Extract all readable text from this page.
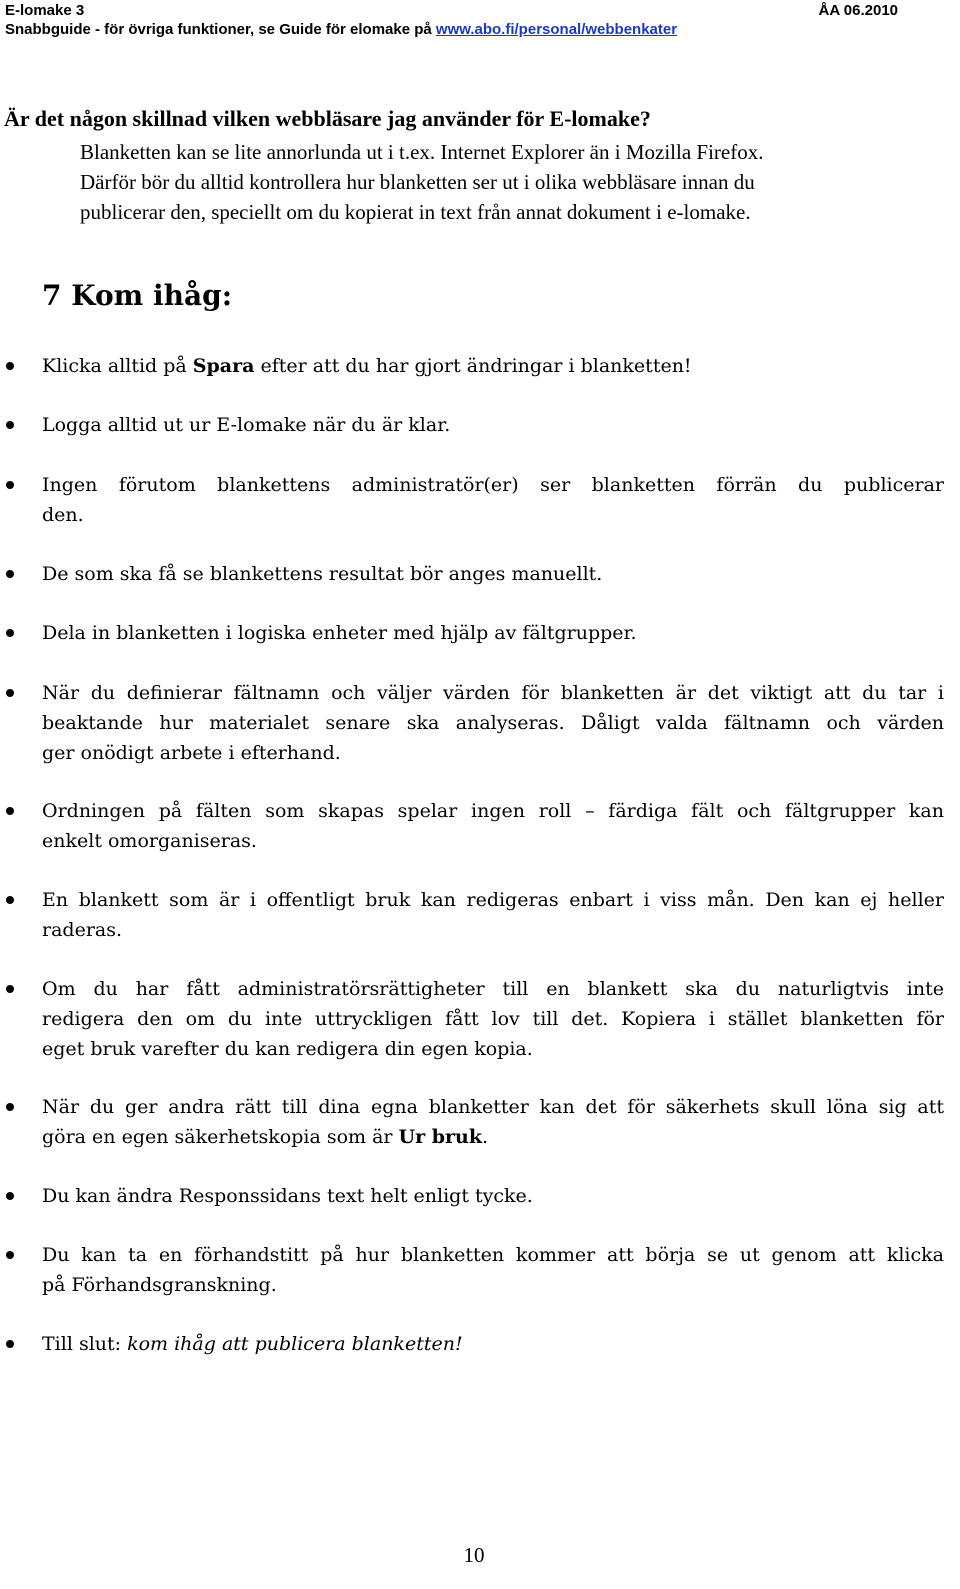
E-lomake 3	ÅA 06.2010
Snabbguide - för övriga funktioner, se Guide för elomake på www.abo.fi/personal/webbenkater
Är det någon skillnad vilken webbläsare jag använder för E-lomake?
Blanketten kan se lite annorlunda ut i t.ex. Internet Explorer än i Mozilla Firefox.
Därför bör du alltid kontrollera hur blanketten ser ut i olika webbläsare innan du
publicerar den, speciellt om du kopierat in text från annat dokument i e-lomake.
7 Kom ihåg:
Klicka alltid på Spara efter att du har gjort ändringar i blanketten!
Logga alltid ut ur E-lomake när du är klar.
Ingen förutom blankettens administratör(er) ser blanketten förrän du publicerar
den.
De som ska få se blankettens resultat bör anges manuellt.
Dela in blanketten i logiska enheter med hjälp av fältgrupper.
När du definierar fältnamn och väljer värden för blanketten är det viktigt att du tar i
beaktande hur materialet senare ska analyseras. Dåligt valda fältnamn och värden
ger onödigt arbete i efterhand.
Ordningen på fälten som skapas spelar ingen roll – färdiga fält och fältgrupper kan
enkelt omorganiseras.
En blankett som är i offentligt bruk kan redigeras enbart i viss mån. Den kan ej heller
raderas.
Om du har fått administratörsrättigheter till en blankett ska du naturligtvis inte
redigera den om du inte uttryckligen fått lov till det. Kopiera i stället blanketten för
eget bruk varefter du kan redigera din egen kopia.
När du ger andra rätt till dina egna blanketter kan det för säkerhets skull löna sig att
göra en egen säkerhetskopia som är Ur bruk.
Du kan ändra Responssidans text helt enligt tycke.
Du kan ta en förhandstitt på hur blanketten kommer att börja se ut genom att klicka
på Förhandsgranskning.
Till slut: kom ihåg att publicera blanketten!
10
